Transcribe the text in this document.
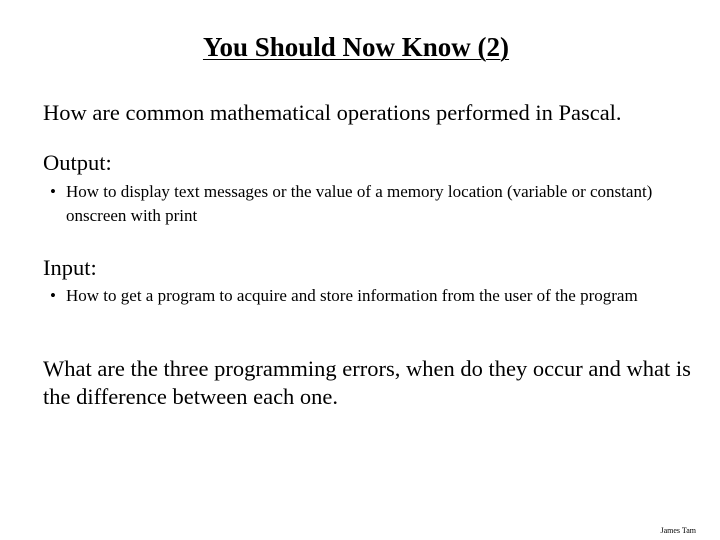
You Should Now Know (2)

How are common mathematical operations performed in Pascal.

Output:

• How to display text messages or the value of a memory location (variable or constant) onscreen with print

Input:

• How to get a program to acquire and store information from the user of the program

What are the three programming errors, when do they occur and what is the difference between each one.

James Tam
